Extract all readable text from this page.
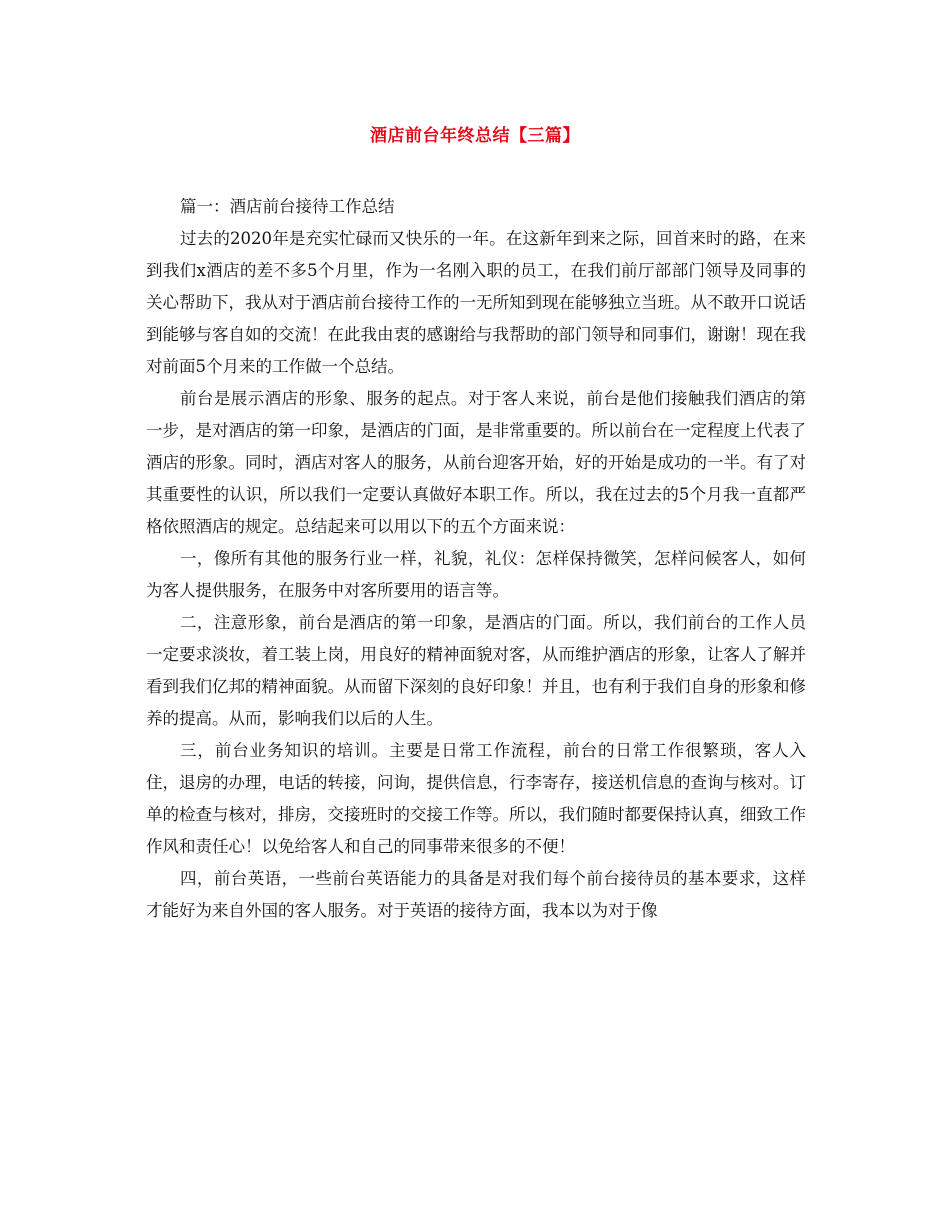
酒店前台年终总结【三篇】

篇一：酒店前台接待工作总结

过去的2020年是充实忙碌而又快乐的一年。在这新年到来之际，回首来时的路，在来到我们x酒店的差不多5个月里，作为一名刚入职的员工，在我们前厅部部门领导及同事的关心帮助下，我从对于酒店前台接待工作的一无所知到现在能够独立当班。从不敢开口说话到能够与客自如的交流！在此我由衷的感谢给与我帮助的部门领导和同事们，谢谢！现在我对前面5个月来的工作做一个总结。

前台是展示酒店的形象、服务的起点。对于客人来说，前台是他们接触我们酒店的第一步，是对酒店的第一印象，是酒店的门面，是非常重要的。所以前台在一定程度上代表了酒店的形象。同时，酒店对客人的服务，从前台迎客开始，好的开始是成功的一半。有了对其重要性的认识，所以我们一定要认真做好本职工作。所以，我在过去的5个月我一直都严格依照酒店的规定。总结起来可以用以下的五个方面来说：

一，像所有其他的服务行业一样，礼貌，礼仪：怎样保持微笑，怎样问候客人，如何为客人提供服务，在服务中对客所要用的语言等。

二，注意形象，前台是酒店的第一印象，是酒店的门面。所以，我们前台的工作人员一定要求淡妆，着工装上岗，用良好的精神面貌对客，从而维护酒店的形象，让客人了解并看到我们亿邦的精神面貌。从而留下深刻的良好印象！并且，也有利于我们自身的形象和修养的提高。从而，影响我们以后的人生。

三，前台业务知识的培训。主要是日常工作流程，前台的日常工作很繁琐，客人入住，退房的办理，电话的转接，问询，提供信息，行李寄存，接送机信息的查询与核对。订单的检查与核对，排房，交接班时的交接工作等。所以，我们随时都要保持认真，细致工作作风和责任心！以免给客人和自己的同事带来很多的不便！

四，前台英语，一些前台英语能力的具备是对我们每个前台接待员的基本要求，这样才能好为来自外国的客人服务。对于英语的接待方面，我本以为对于像
